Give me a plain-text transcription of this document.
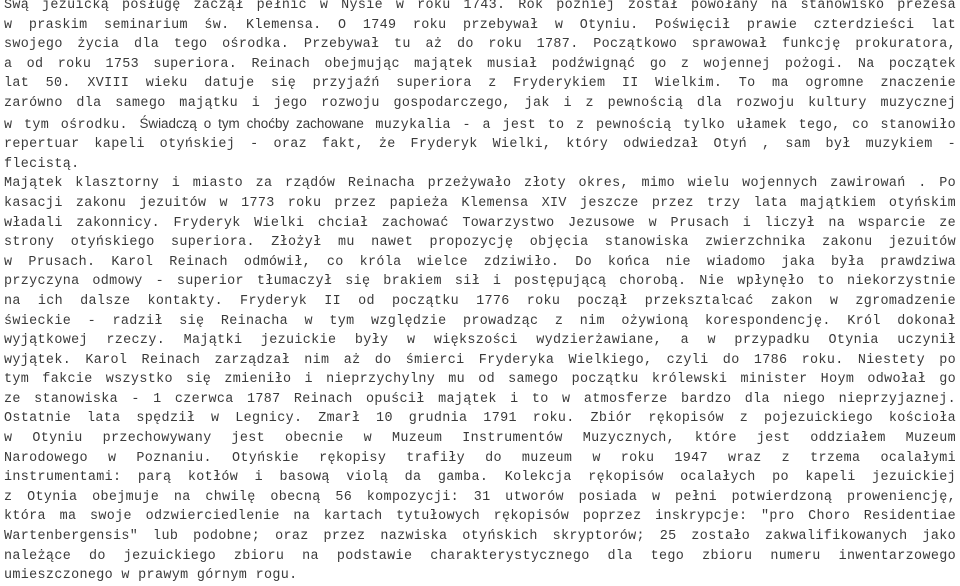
Swą jezuicką posługę zaczął pełnić w Nysie w roku 1743. Rok później został powołany na stanowisko prezesa
w praskim seminarium św. Klemensa. O 1749 roku przebywał w Otyniu. Poświęcił prawie czterdzieści lat
swojego życia dla tego ośrodka. Przebywał tu aż do roku 1787. Początkowo sprawował funkcję prokuratora,
a od roku 1753 superiora. Reinach obejmując majątek musiał podźwignąć go z wojennej pożogi. Na początek
lat 50. XVIII wieku datuje się przyjaźń superiora z Fryderykiem II Wielkim. To ma ogromne znaczenie
zarówno dla samego majątku i jego rozwoju gospodarczego, jak i z pewnością dla rozwoju kultury muzycznej
w tym ośrodku. Świadczą o tym choćby zachowane muzykalia - a jest to z pewnością tylko ułamek tego, co stanowiło
repertuar kapeli otyńskiej - oraz fakt, że Fryderyk Wielki, który odwiedzał Otyń , sam był muzykiem -
flecistą.
Majątek klasztorny i miasto za rządów Reinacha przeżywało złoty okres, mimo wielu wojennych zawirowań . Po
kasacji zakonu jezuitów w 1773 roku przez papieża Klemensa XIV jeszcze przez trzy lata majątkiem otyńskim
władali zakonnicy. Fryderyk Wielki chciał zachować Towarzystwo Jezusowe w Prusach i liczył na wsparcie ze
strony otyńskiego superiora. Złożył mu nawet propozycję objęcia stanowiska zwierzchnika zakonu jezuitów
w Prusach. Karol Reinach odmówił, co króla wielce zdziwiło. Do końca nie wiadomo jaka była prawdziwa
przyczyna odmowy - superior tłumaczył się brakiem sił i postępującą chorobą. Nie wpłynęło to niekorzystnie
na ich dalsze kontakty. Fryderyk II od początku 1776 roku począł przeksztaŀcać zakon w zgromadzenie
świeckie - radził się Reinacha w tym względzie prowadząc z nim ożywioną korespondencję. Król dokonał
wyjątkowej rzeczy. Majątki jezuickie były w większości wydzierżawiane, a w przypadku Otynia uczynił
wyjątek. Karol Reinach zarządzał nim aż do śmierci Fryderyka Wielkiego, czyli do 1786 roku. Niestety po
tym fakcie wszystko się zmieniło i nieprzychylny mu od samego początku królewski minister Hoym odwołał go
ze stanowiska - 1 czerwca 1787 Reinach opuścił majątek i to w atmosferze bardzo dla niego nieprzyjaznej.
Ostatnie lata spędził w Legnicy. Zmarł 10 grudnia 1791 roku. Zbiór rękopisów z pojezuickiego kościoła
w Otyniu przechowywany jest obecnie w Muzeum Instrumentów Muzycznych, które jest oddziałem Muzeum
Narodowego w Poznaniu. Otyńskie rękopisy trafiły do muzeum w roku 1947 wraz z trzema ocalałymi
instrumentami: parą kotłów i basową violą da gamba. Kolekcja rękopisów ocalałych po kapeli jezuickiej
z Otynia obejmuje na chwilę obecną 56 kompozycji: 31 utworów posiada w pełni potwierdzoną proweniencję,
która ma swoje odzwierciedlenie na kartach tytułowych rękopisów poprzez inskrypcje: "pro Choro Residentiae
Wartenbergensis" lub podobne; oraz przez nazwiska otyńskich skryptorów; 25 zostało zakwalifikowanych jako
należące do jezuickiego zbioru na podstawie charakterystycznego dla tego zbioru numeru inwentarzowego
umieszczonego w prawym górnym rogu.
